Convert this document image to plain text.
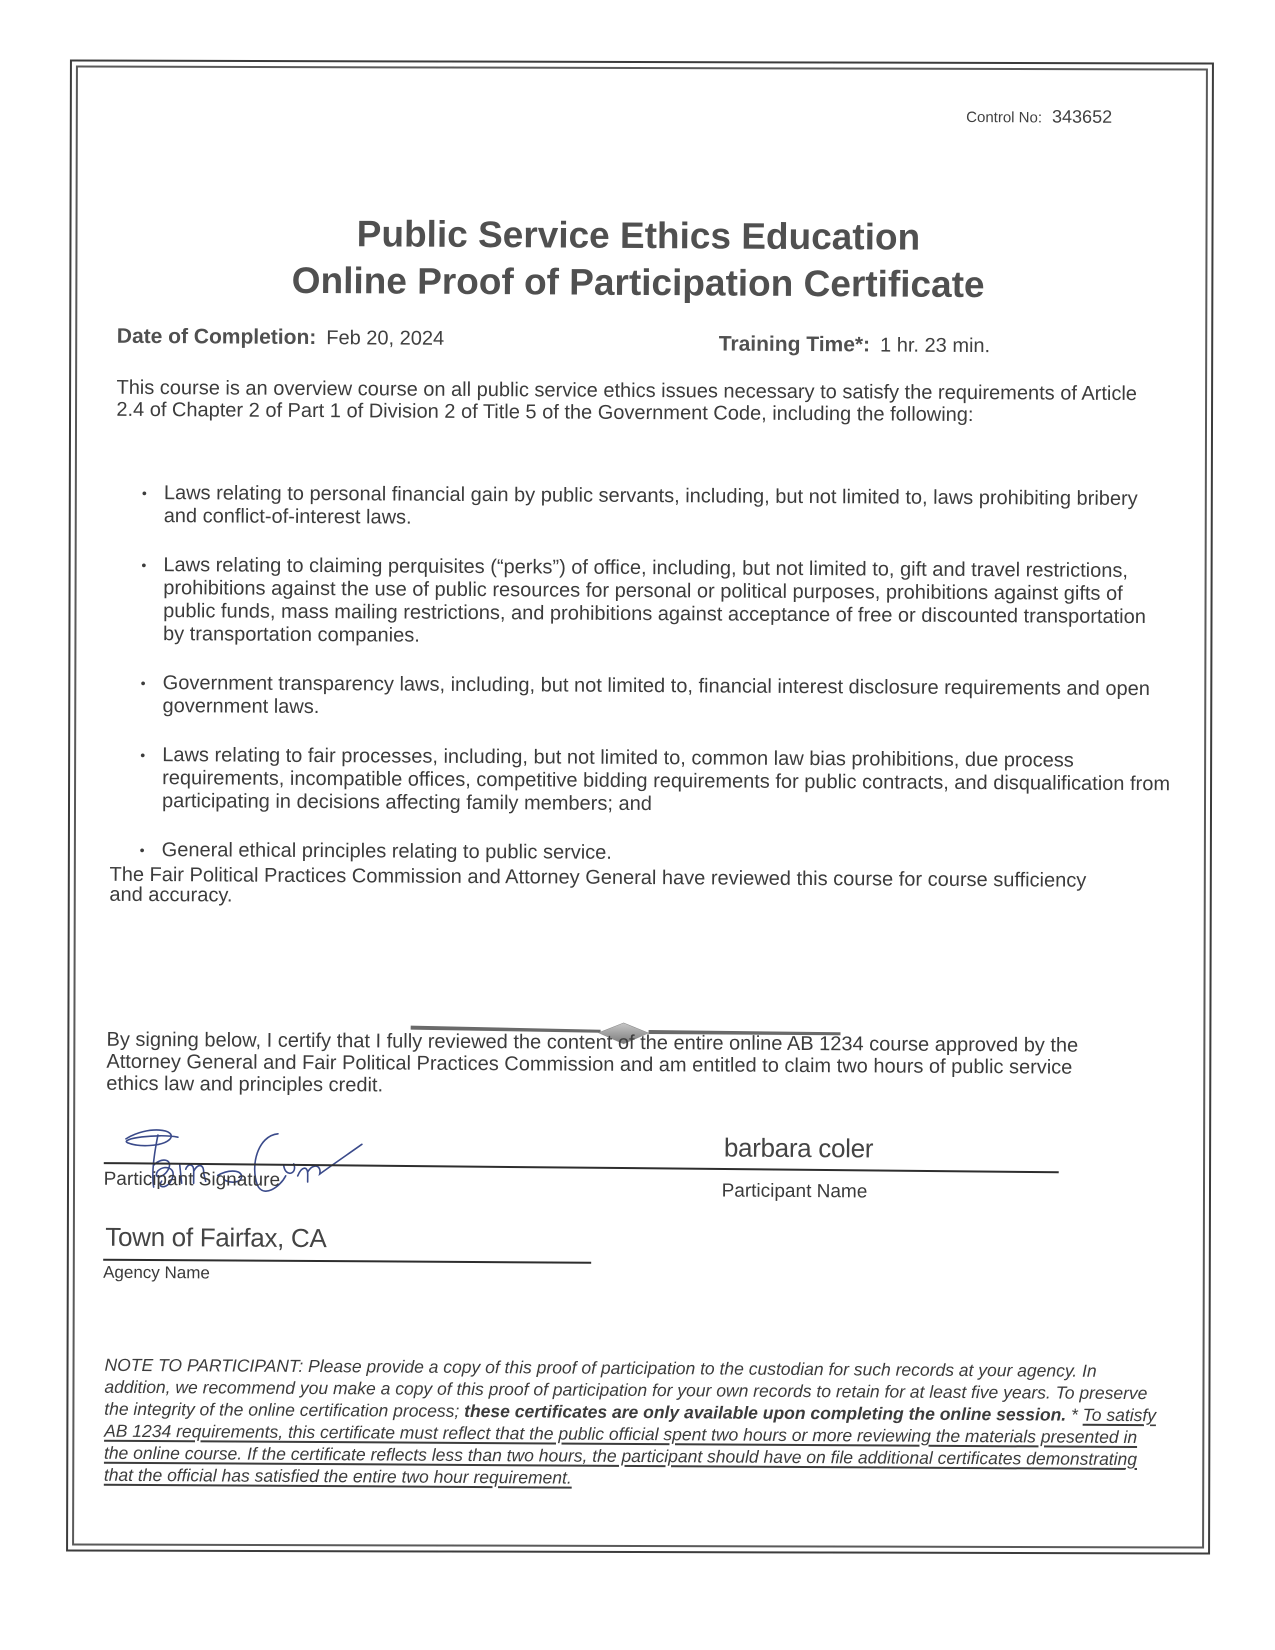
Control No: 343652
Public Service Ethics Education
Online Proof of Participation Certificate
Date of Completion: Feb 20, 2024	Training Time*: 1 hr. 23 min.
This course is an overview course on all public service ethics issues necessary to satisfy the requirements of Article 2.4 of Chapter 2 of Part 1 of Division 2 of Title 5 of the Government Code, including the following:
• Laws relating to personal financial gain by public servants, including, but not limited to, laws prohibiting bribery and conflict-of-interest laws.
• Laws relating to claiming perquisites (“perks”) of office, including, but not limited to, gift and travel restrictions, prohibitions against the use of public resources for personal or political purposes, prohibitions against gifts of public funds, mass mailing restrictions, and prohibitions against acceptance of free or discounted transportation by transportation companies.
• Government transparency laws, including, but not limited to, financial interest disclosure requirements and open government laws.
• Laws relating to fair processes, including, but not limited to, common law bias prohibitions, due process requirements, incompatible offices, competitive bidding requirements for public contracts, and disqualification from participating in decisions affecting family members; and
• General ethical principles relating to public service.
The Fair Political Practices Commission and Attorney General have reviewed this course for course sufficiency and accuracy.
By signing below, I certify that I fully reviewed the content of the entire online AB 1234 course approved by the Attorney General and Fair Political Practices Commission and am entitled to claim two hours of public service ethics law and principles credit.
Participant Signature
barbara coler
Participant Name
Town of Fairfax, CA
Agency Name
NOTE TO PARTICIPANT: Please provide a copy of this proof of participation to the custodian for such records at your agency. In addition, we recommend you make a copy of this proof of participation for your own records to retain for at least five years. To preserve the integrity of the online certification process; these certificates are only available upon completing the online session. * To satisfy AB 1234 requirements, this certificate must reflect that the public official spent two hours or more reviewing the materials presented in the online course. If the certificate reflects less than two hours, the participant should have on file additional certificates demonstrating that the official has satisfied the entire two hour requirement.
